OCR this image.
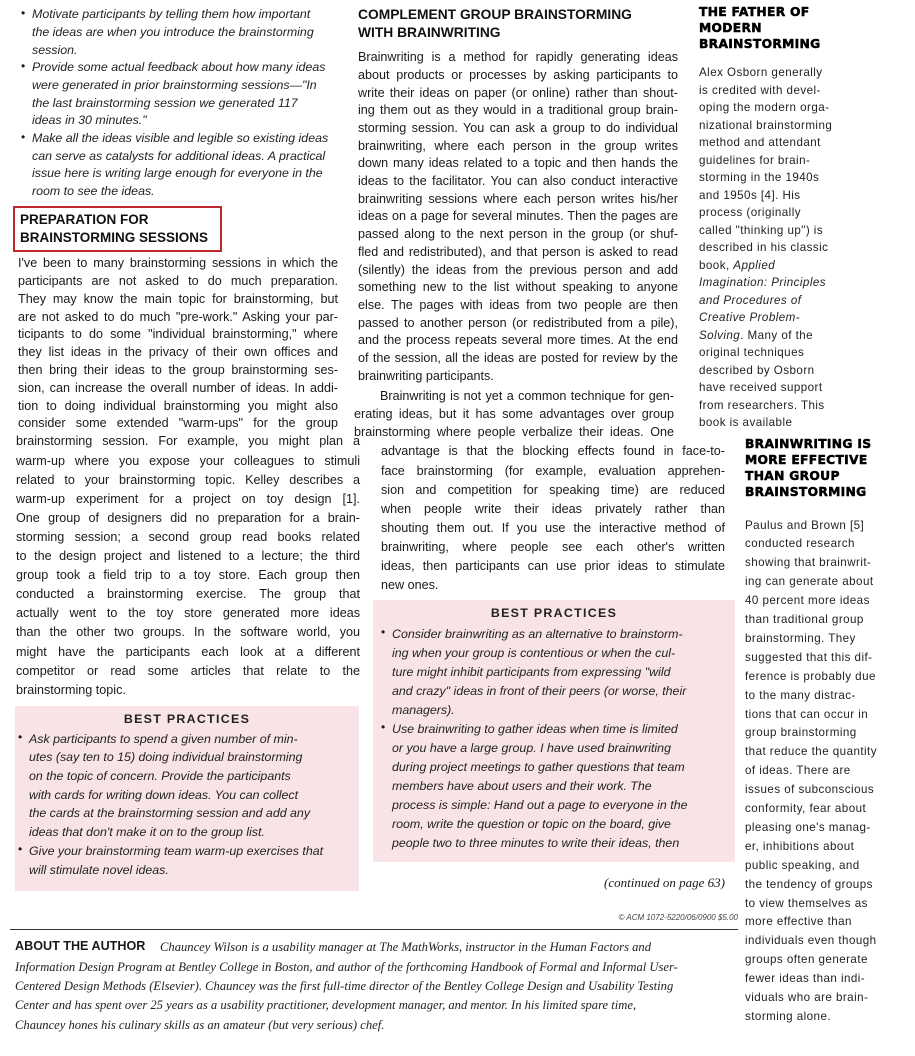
PREPARATION FOR
BRAINSTORMING SESSIONS
COMPLEMENT GROUP BRAINSTORMING
WITH BRAINWRITING
BEST PRACTICES
BEST PRACTICES
(continued on page 63)
© ACM 1072-5220/06/0900 $5.00
THE FATHER OF
MODERN
BRAINSTORMING
BRAINWRITING IS
MORE EFFECTIVE
THAN GROUP
BRAINSTORMING
• Motivate participants by telling them how important
the ideas are when you introduce the brainstorming
session.
• Provide some actual feedback about how many ideas
were generated in prior brainstorming sessions—"In
the last brainstorming session we generated 117
ideas in 30 minutes."
• Make all the ideas visible and legible so existing ideas
can serve as catalysts for additional ideas. A practical
issue here is writing large enough for everyone in the
room to see the ideas.
I've been to many brainstorming sessions in which the
participants are not asked to do much preparation.
They may know the main topic for brainstorming, but
are not asked to do much "pre-work." Asking your par-
ticipants to do some "individual brainstorming," where
they list ideas in the privacy of their own offices and
then bring their ideas to the group brainstorming ses-
sion, can increase the overall number of ideas. In addi-
tion to doing individual brainstorming you might also
consider some extended "warm-ups" for the group
brainstorming session. For example, you might plan a
warm-up where you expose your colleagues to stimuli
related to your brainstorming topic. Kelley describes a
warm-up experiment for a project on toy design [1].
One group of designers did no preparation for a brain-
storming session; a second group read books related
to the design project and listened to a lecture; the third
group took a field trip to a toy store. Each group then
conducted a brainstorming exercise. The group that
actually went to the toy store generated more ideas
than the other two groups. In the software world, you
might have the participants each look at a different
competitor or read some articles that relate to the
brainstorming topic.
• Ask participants to spend a given number of min-
utes (say ten to 15) doing individual brainstorming
on the topic of concern. Provide the participants
with cards for writing down ideas. You can collect
the cards at the brainstorming session and add any
ideas that don't make it on to the group list.
• Give your brainstorming team warm-up exercises that
will stimulate novel ideas.
Brainwriting is a method for rapidly generating ideas
about products or processes by asking participants to
write their ideas on paper (or online) rather than shout-
ing them out as they would in a traditional group brain-
storming session. You can ask a group to do individual
brainwriting, where each person in the group writes
down many ideas related to a topic and then hands the
ideas to the facilitator. You can also conduct interactive
brainwriting sessions where each person writes his/her
ideas on a page for several minutes. Then the pages are
passed along to the next person in the group (or shuf-
fled and redistributed), and that person is asked to read
(silently) the ideas from the previous person and add
something new to the list without speaking to anyone
else. The pages with ideas from two people are then
passed to another person (or redistributed from a pile),
and the process repeats several more times. At the end
of the session, all the ideas are posted for review by the
brainwriting participants.
Brainwriting is not yet a common technique for gen-
erating ideas, but it has some advantages over group
brainstorming where people verbalize their ideas. One
advantage is that the blocking effects found in face-to-
face brainstorming (for example, evaluation apprehen-
sion and competition for speaking time) are reduced
when people write their ideas privately rather than
shouting them out. If you use the interactive method of
brainwriting, where people see each other's written
ideas, then participants can use prior ideas to stimulate
new ones.
• Consider brainwriting as an alternative to brainstorm-
ing when your group is contentious or when the cul-
ture might inhibit participants from expressing "wild
and crazy" ideas in front of their peers (or worse, their
managers).
• Use brainwriting to gather ideas when time is limited
or you have a large group. I have used brainwriting
during project meetings to gather questions that team
members have about users and their work. The
process is simple: Hand out a page to everyone in the
room, write the question or topic on the board, give
people two to three minutes to write their ideas, then
Alex Osborn generally
is credited with devel-
oping the modern orga-
nizational brainstorming
method and attendant
guidelines for brain-
storming in the 1940s
and 1950s [4]. His
process (originally
called "thinking up") is
described in his classic
book, Applied
Imagination: Principles
and Procedures of
Creative Problem-
Solving. Many of the
original techniques
described by Osborn
have received support
from researchers. This
book is available
Paulus and Brown [5]
conducted research
showing that brainwrit-
ing can generate about
40 percent more ideas
than traditional group
brainstorming. They
suggested that this dif-
ference is probably due
to the many distrac-
tions that can occur in
group brainstorming
that reduce the quantity
of ideas. There are
issues of subconscious
conformity, fear about
pleasing one's manag-
er, inhibitions about
public speaking, and
the tendency of groups
to view themselves as
more effective than
individuals even though
groups often generate
fewer ideas than indi-
viduals who are brain-
storming alone.
ABOUT THE AUTHOR Chauncey Wilson is a usability manager at The MathWorks, instructor in the Human Factors and
Information Design Program at Bentley College in Boston, and author of the forthcoming Handbook of Formal and Informal User-
Centered Design Methods (Elsevier). Chauncey was the first full-time director of the Bentley College Design and Usability Testing
Center and has spent over 25 years as a usability practitioner, development manager, and mentor. In his limited spare time,
Chauncey hones his culinary skills as an amateur (but very serious) chef.
